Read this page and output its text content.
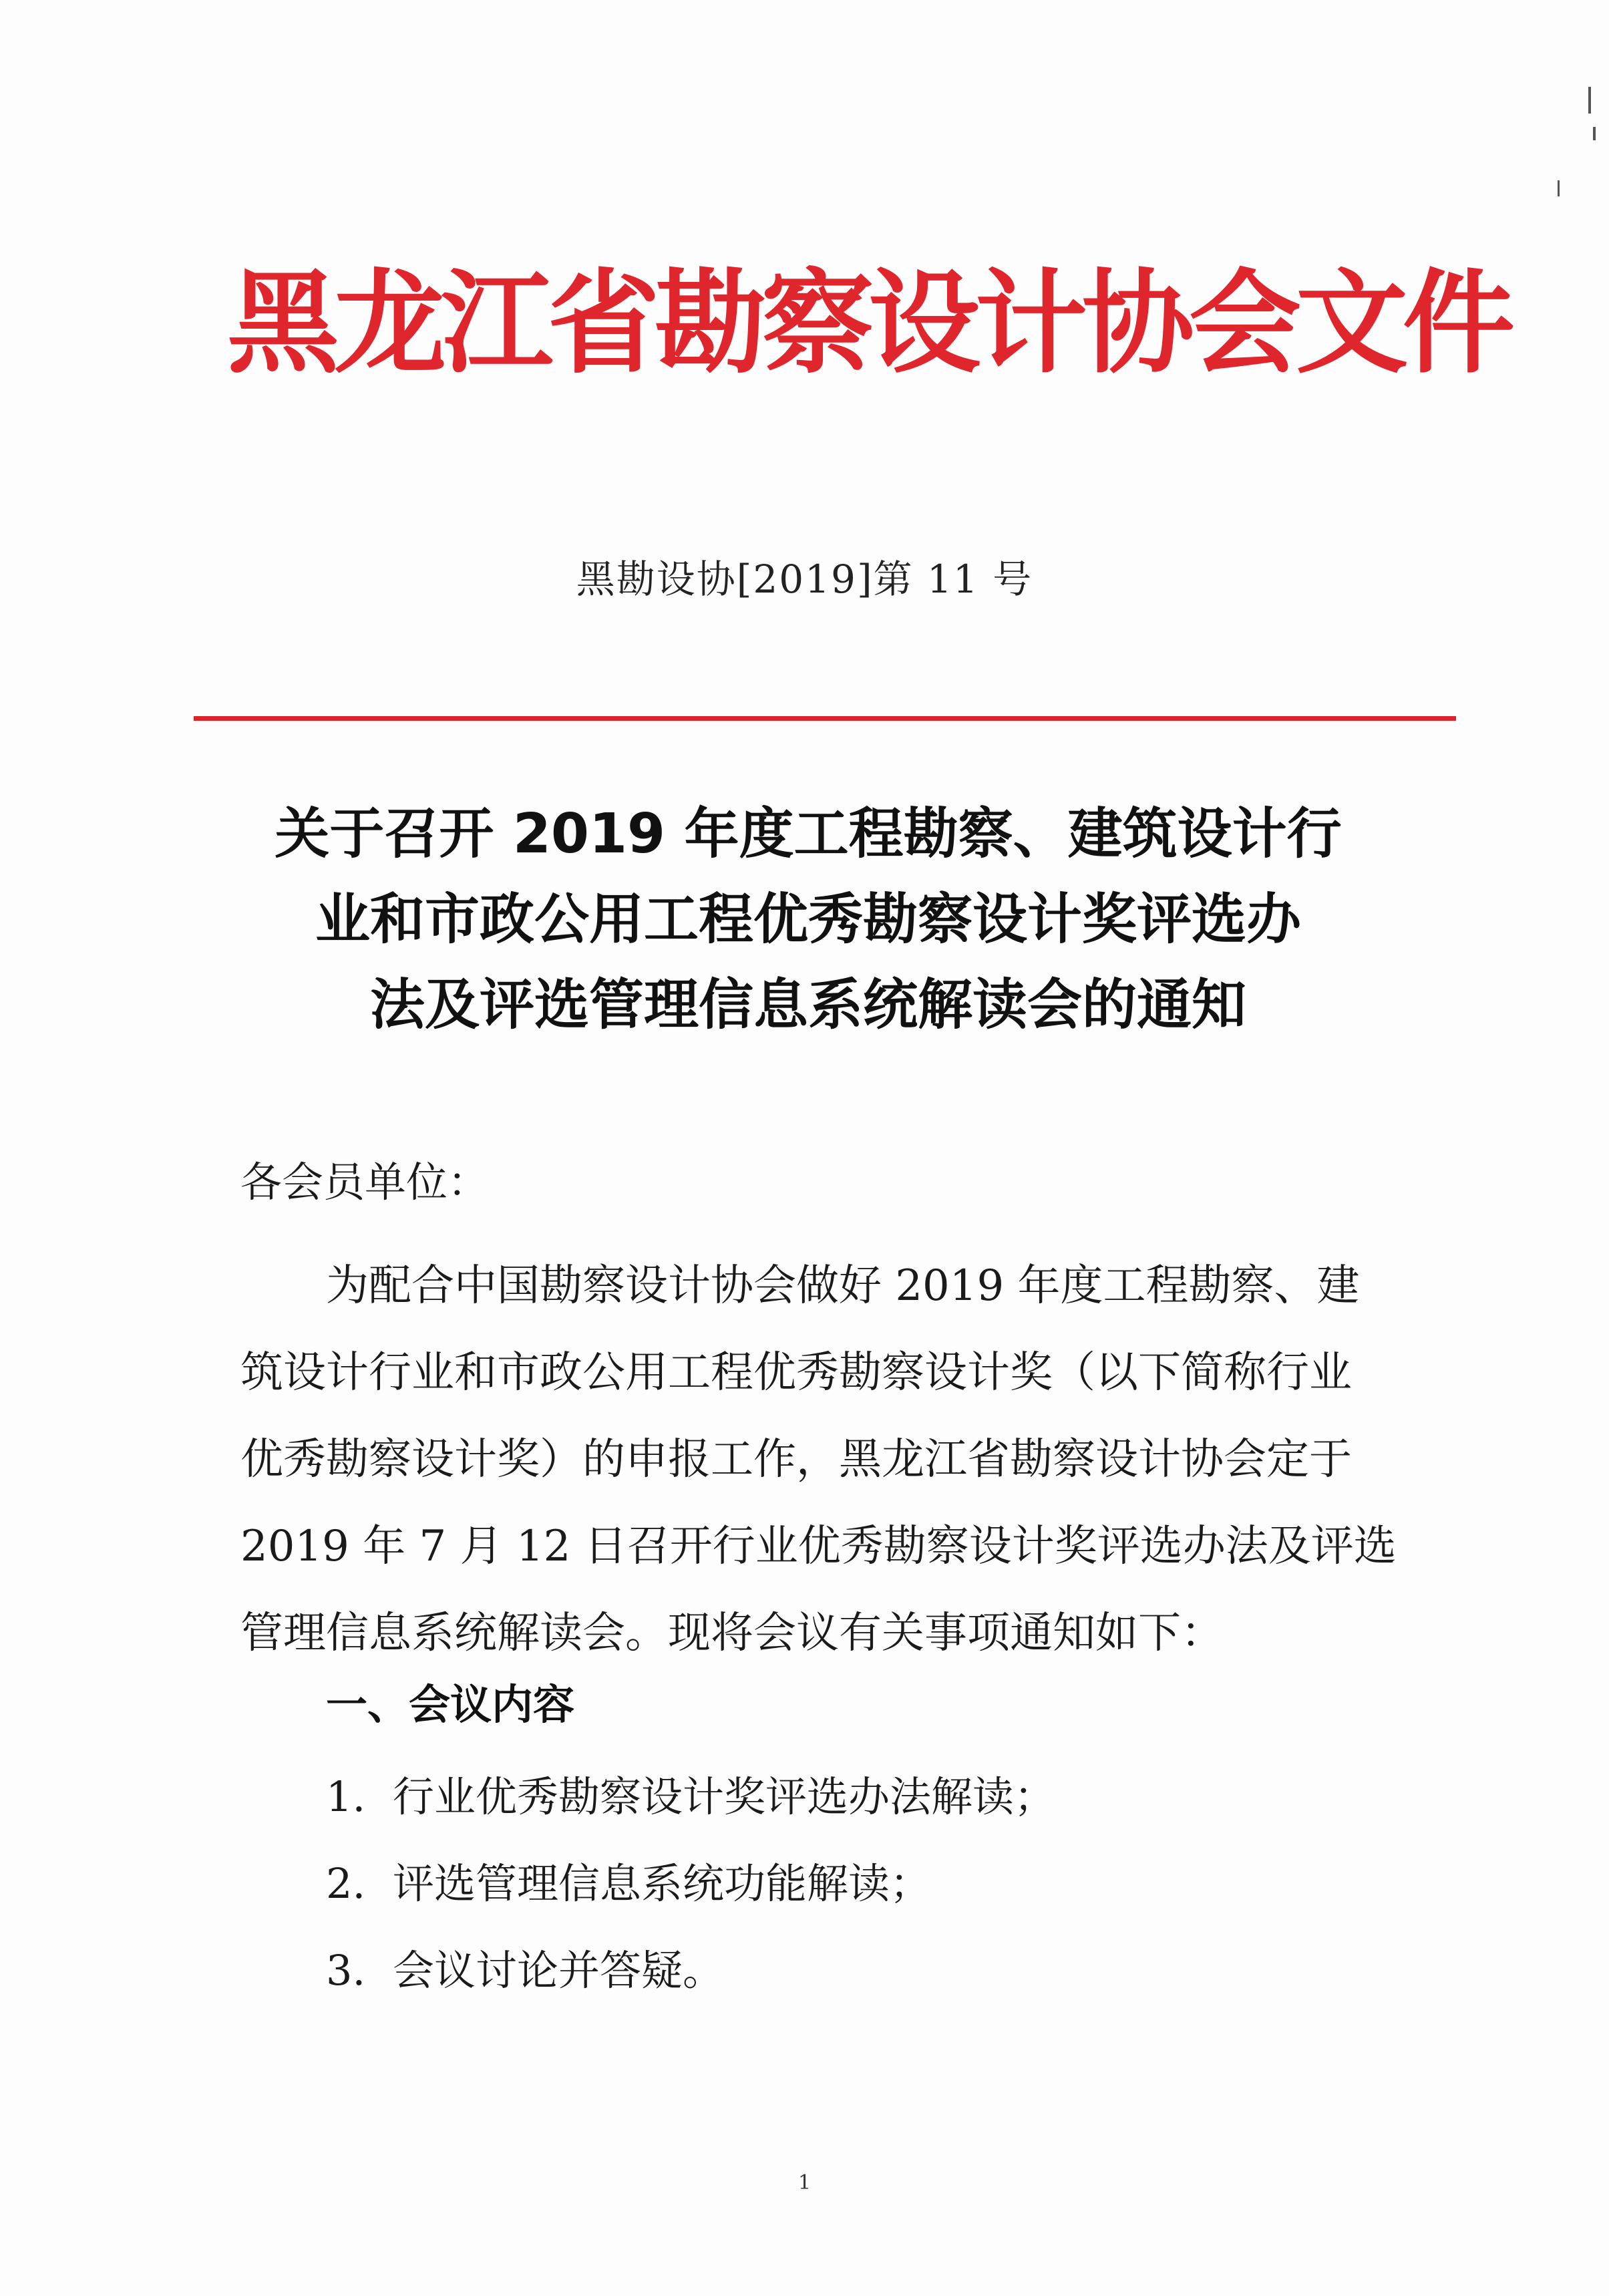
黑龙江省勘察设计协会文件
黑勘设协[2019]第 11 号
关于召开 2019 年度工程勘察、建筑设计行
业和市政公用工程优秀勘察设计奖评选办
法及评选管理信息系统解读会的通知
各会员单位：
为配合中国勘察设计协会做好 2019 年度工程勘察、建
筑设计行业和市政公用工程优秀勘察设计奖（以下简称行业
优秀勘察设计奖）的申报工作，黑龙江省勘察设计协会定于
2019 年 7 月 12 日召开行业优秀勘察设计奖评选办法及评选
管理信息系统解读会。现将会议有关事项通知如下：
一、会议内容
1. 行业优秀勘察设计奖评选办法解读；
2. 评选管理信息系统功能解读；
3. 会议讨论并答疑。
1
